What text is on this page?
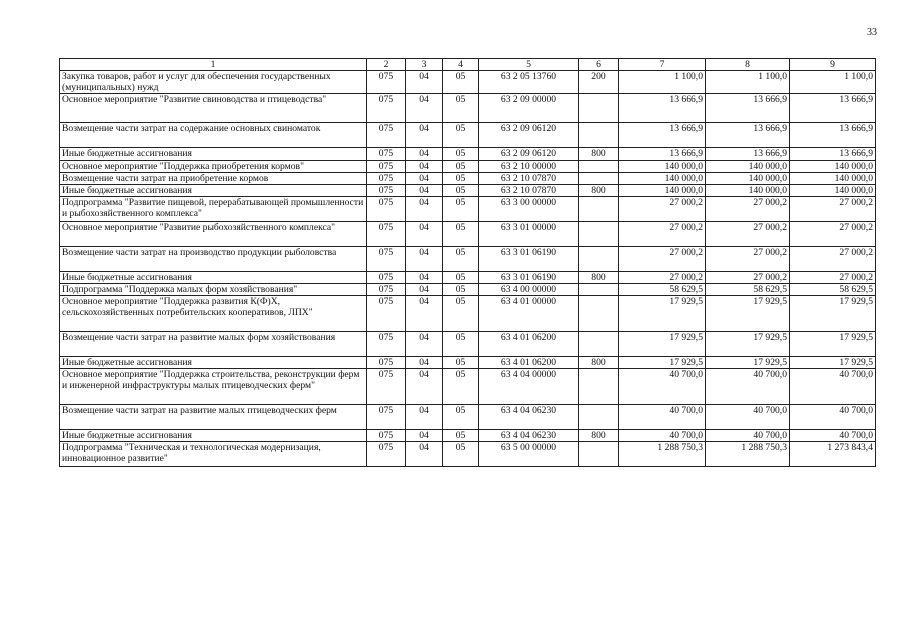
33
1	2	3	4	5	6	7	8	9
Закупка товаров, работ и услуг для обеспечения государственных (муниципальных) нужд	075	04	05	63 2 05 13760	200	1 100,0	1 100,0	1 100,0
Основное мероприятие "Развитие свиноводства и птицеводства"	075	04	05	63 2 09 00000		13 666,9	13 666,9	13 666,9
Возмещение части затрат на содержание основных свиноматок	075	04	05	63 2 09 06120		13 666,9	13 666,9	13 666,9
Иные бюджетные ассигнования	075	04	05	63 2 09 06120	800	13 666,9	13 666,9	13 666,9
Основное мероприятие "Поддержка приобретения кормов"	075	04	05	63 2 10 00000		140 000,0	140 000,0	140 000,0
Возмещение части затрат на приобретение кормов	075	04	05	63 2 10 07870		140 000,0	140 000,0	140 000,0
Иные бюджетные ассигнования	075	04	05	63 2 10 07870	800	140 000,0	140 000,0	140 000,0
Подпрограмма "Развитие пищевой, перерабатывающей промышленности и рыбохозяйственного комплекса"	075	04	05	63 3 00 00000		27 000,2	27 000,2	27 000,2
Основное мероприятие "Развитие рыбохозяйственного комплекса"	075	04	05	63 3 01 00000		27 000,2	27 000,2	27 000,2
Возмещение части затрат на производство продукции рыболовства	075	04	05	63 3 01 06190		27 000,2	27 000,2	27 000,2
Иные бюджетные ассигнования	075	04	05	63 3 01 06190	800	27 000,2	27 000,2	27 000,2
Подпрограмма "Поддержка малых форм хозяйствования"	075	04	05	63 4 00 00000		58 629,5	58 629,5	58 629,5
Основное мероприятие "Поддержка развития К(Ф)Х, сельскохозяйственных потребительских кооперативов, ЛПХ"	075	04	05	63 4 01 00000		17 929,5	17 929,5	17 929,5
Возмещение части затрат на развитие малых форм хозяйствования	075	04	05	63 4 01 06200		17 929,5	17 929,5	17 929,5
Иные бюджетные ассигнования	075	04	05	63 4 01 06200	800	17 929,5	17 929,5	17 929,5
Основное мероприятие "Поддержка строительства, реконструкции ферм и инженерной инфраструктуры малых птицеводческих ферм"	075	04	05	63 4 04 00000		40 700,0	40 700,0	40 700,0
Возмещение части затрат на развитие малых птицеводческих ферм	075	04	05	63 4 04 06230		40 700,0	40 700,0	40 700,0
Иные бюджетные ассигнования	075	04	05	63 4 04 06230	800	40 700,0	40 700,0	40 700,0
Подпрограмма "Техническая и технологическая модернизация, инновационное развитие"	075	04	05	63 5 00 00000		1 288 750,3	1 288 750,3	1 273 843,4
